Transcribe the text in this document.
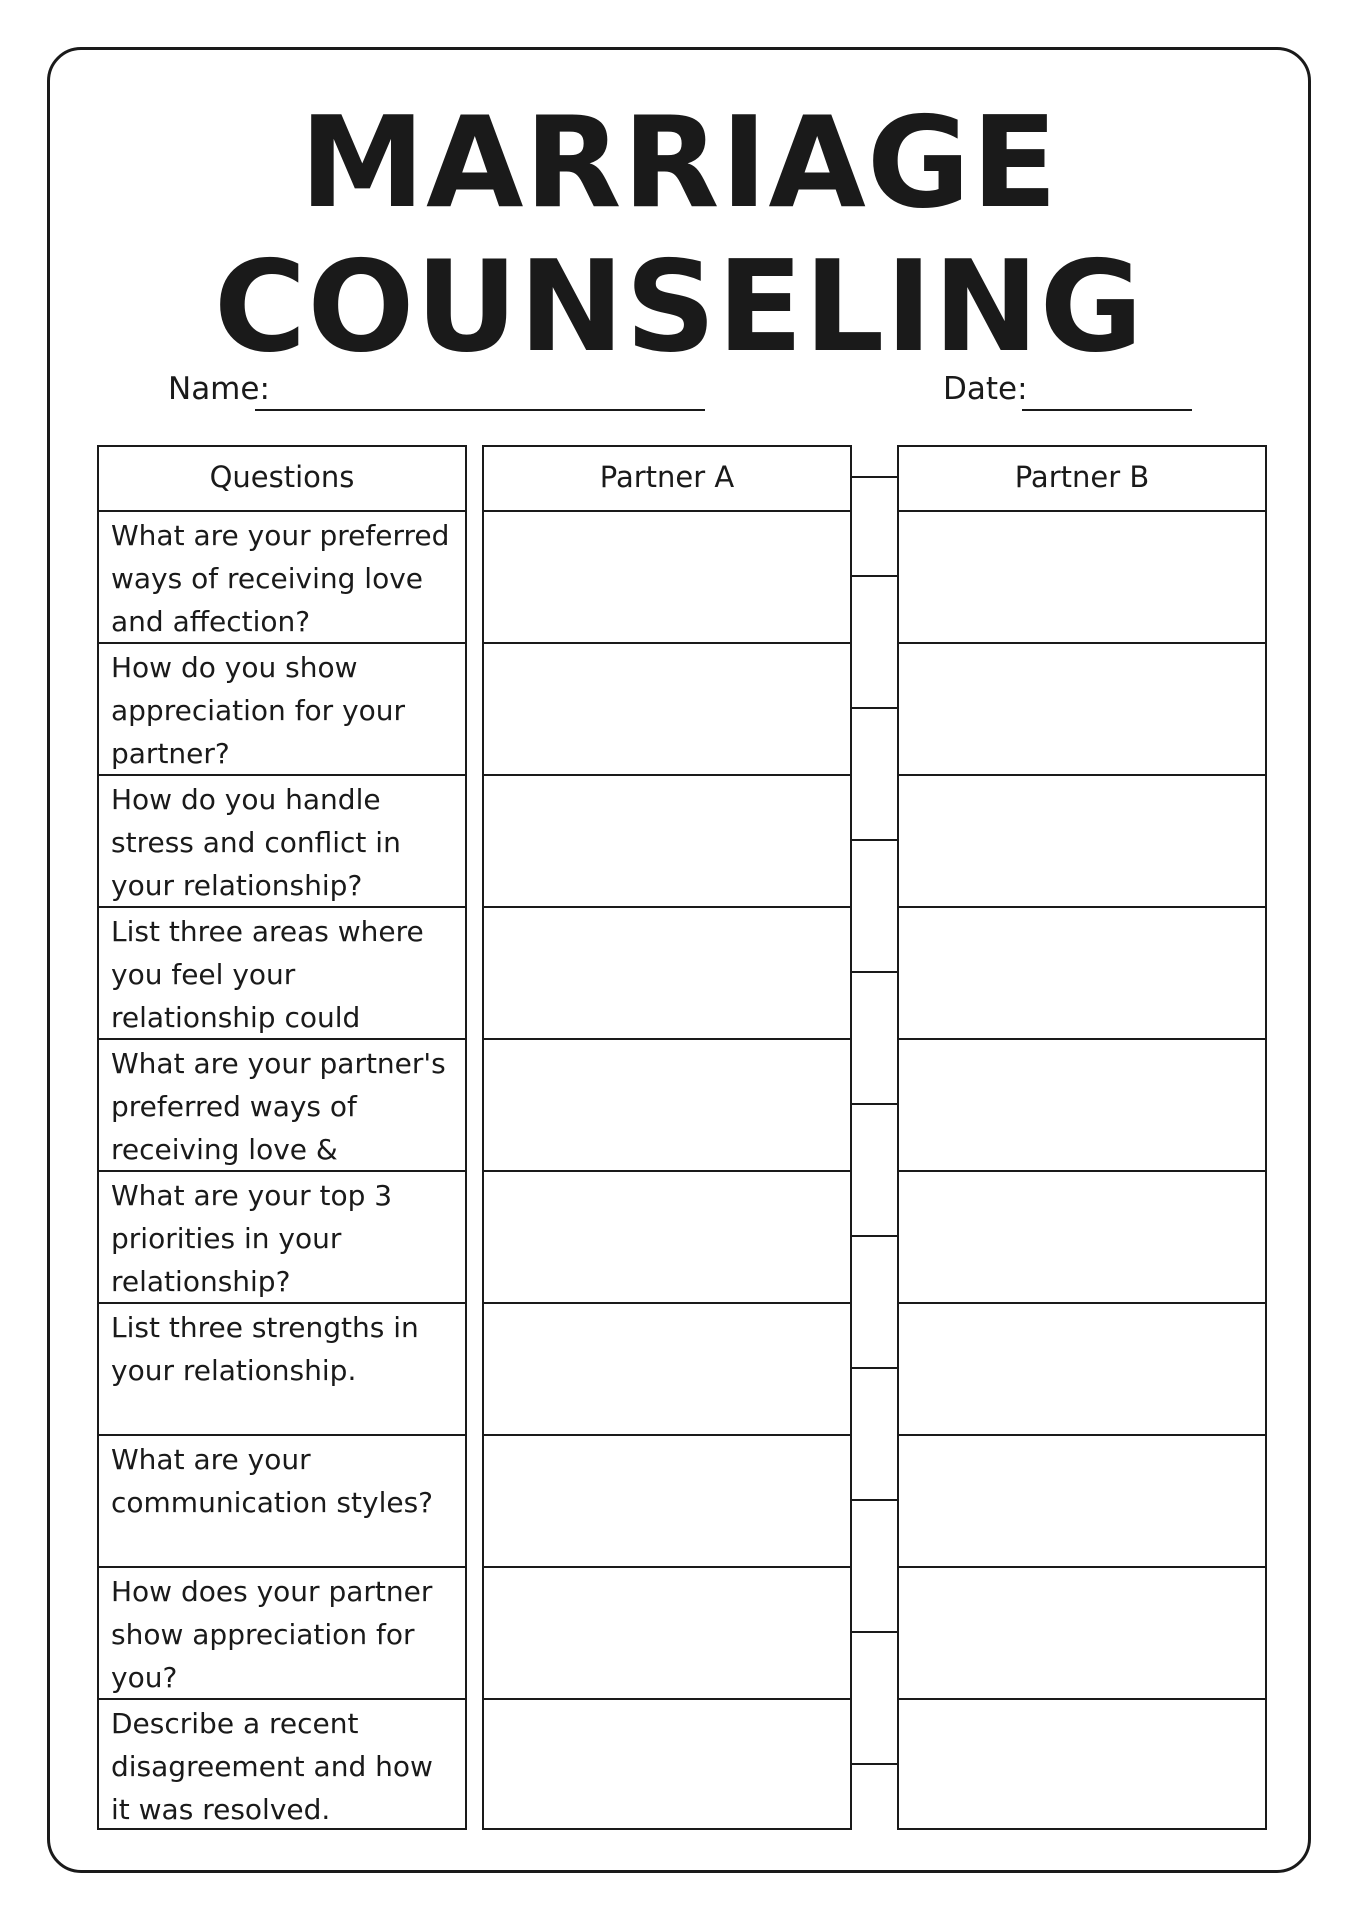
MARRIAGE
COUNSELING
Name:	Date:
Questions
What are your preferred ways of receiving love and affection?
How do you show appreciation for your partner?
How do you handle stress and conflict in your relationship?
List three areas where you feel your relationship could
What are your partner's preferred ways of receiving love &
What are your top 3 priorities in your relationship?
List three strengths in your relationship.
What are your communication styles?
How does your partner show appreciation for you?
Describe a recent disagreement and how it was resolved.
Partner A	Partner B
